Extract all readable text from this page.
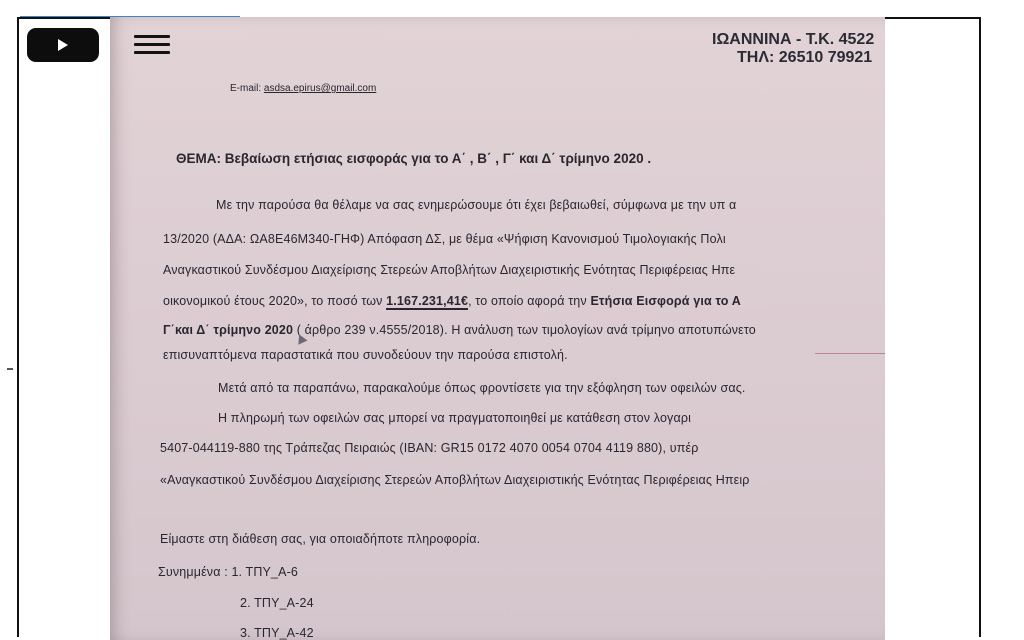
ΙΩΑΝΝΙΝΑ - Τ.Κ. 4522
ΤΗΛ: 26510 79921
E-mail: asdsa.epirus@gmail.com
ΘΕΜΑ: Βεβαίωση ετήσιας εισφοράς για το Α΄ , Β΄ , Γ΄ και Δ΄ τρίμηνο 2020 .
Με την παρούσα θα θέλαμε να σας ενημερώσουμε ότι έχει βεβαιωθεί, σύμφωνα με την υπ α
13/2020 (ΑΔΑ: ΩΑ8Ε46Μ340-ΓΗΦ) Απόφαση ΔΣ, με θέμα «Ψήφιση Κανονισμού Τιμολογιακής Πολι
Αναγκαστικού Συνδέσμου Διαχείρισης Στερεών Αποβλήτων Διαχειριστικής Ενότητας Περιφέρειας Ηπε
οικονομικού έτους 2020», το ποσό των 1.167.231,41€, το οποίο αφορά την Ετήσια Εισφορά για το Α
Γ΄και Δ΄ τρίμηνο 2020 ( άρθρο 239 ν.4555/2018). Η ανάλυση των τιμολογίων ανά τρίμηνο αποτυπώνετο
επισυναπτόμενα παραστατικά που συνοδεύουν την παρούσα επιστολή.
Μετά από τα παραπάνω, παρακαλούμε όπως φροντίσετε για την εξόφληση των οφειλών σας.
Η πληρωμή των οφειλών σας μπορεί να πραγματοποιηθεί με κατάθεση στον λογαρι
5407-044119-880 της Τράπεζας Πειραιώς (IBAN: GR15 0172 4070 0054 0704 4119 880), υπέρ
«Αναγκαστικού Συνδέσμου Διαχείρισης Στερεών Αποβλήτων Διαχειριστικής Ενότητας Περιφέρειας Ηπειρ
Είμαστε στη διάθεση σας, για οποιαδήποτε πληροφορία.
Συνημμένα : 1. ΤΠΥ_Α-6
2. ΤΠΥ_Α-24
3. ΤΠΥ_Α-42
